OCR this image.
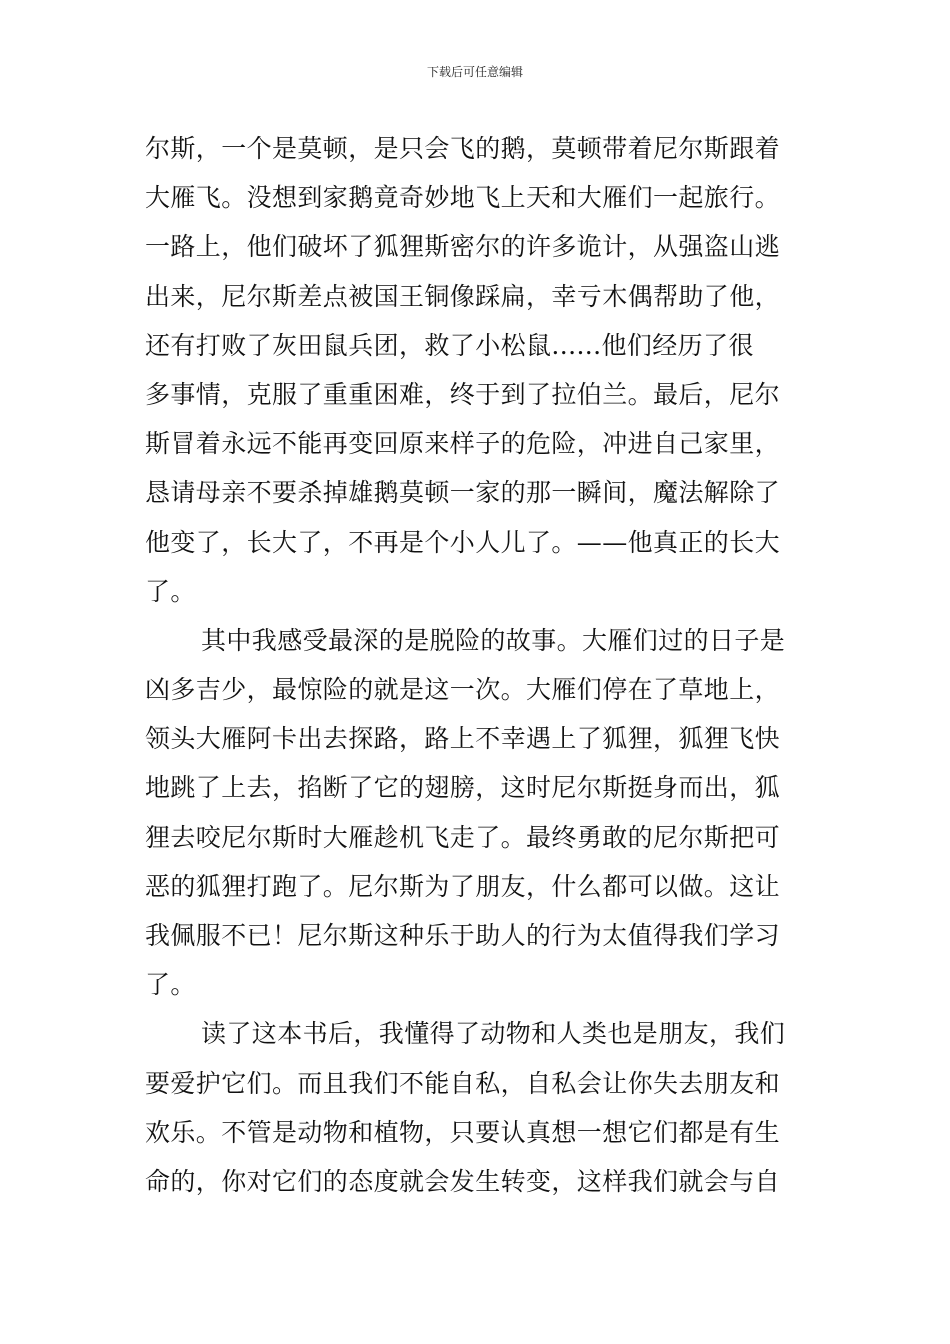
下载后可任意编辑
尔斯，一个是莫顿，是只会飞的鹅，莫顿带着尼尔斯跟着
大雁飞。没想到家鹅竟奇妙地飞上天和大雁们一起旅行。
一路上，他们破坏了狐狸斯密尔的许多诡计，从强盗山逃
出来，尼尔斯差点被国王铜像踩扁，幸亏木偶帮助了他，
还有打败了灰田鼠兵团，救了小松鼠......他们经历了很
多事情，克服了重重困难，终于到了拉伯兰。最后，尼尔
斯冒着永远不能再变回原来样子的危险，冲进自己家里，
恳请母亲不要杀掉雄鹅莫顿一家的那一瞬间，魔法解除了
他变了，长大了，不再是个小人儿了。——他真正的长大
了。
其中我感受最深的是脱险的故事。大雁们过的日子是
凶多吉少，最惊险的就是这一次。大雁们停在了草地上，
领头大雁阿卡出去探路，路上不幸遇上了狐狸，狐狸飞快
地跳了上去，掐断了它的翅膀，这时尼尔斯挺身而出，狐
狸去咬尼尔斯时大雁趁机飞走了。最终勇敢的尼尔斯把可
恶的狐狸打跑了。尼尔斯为了朋友，什么都可以做。这让
我佩服不已！尼尔斯这种乐于助人的行为太值得我们学习
了。
读了这本书后，我懂得了动物和人类也是朋友，我们
要爱护它们。而且我们不能自私，自私会让你失去朋友和
欢乐。不管是动物和植物，只要认真想一想它们都是有生
命的，你对它们的态度就会发生转变，这样我们就会与自
